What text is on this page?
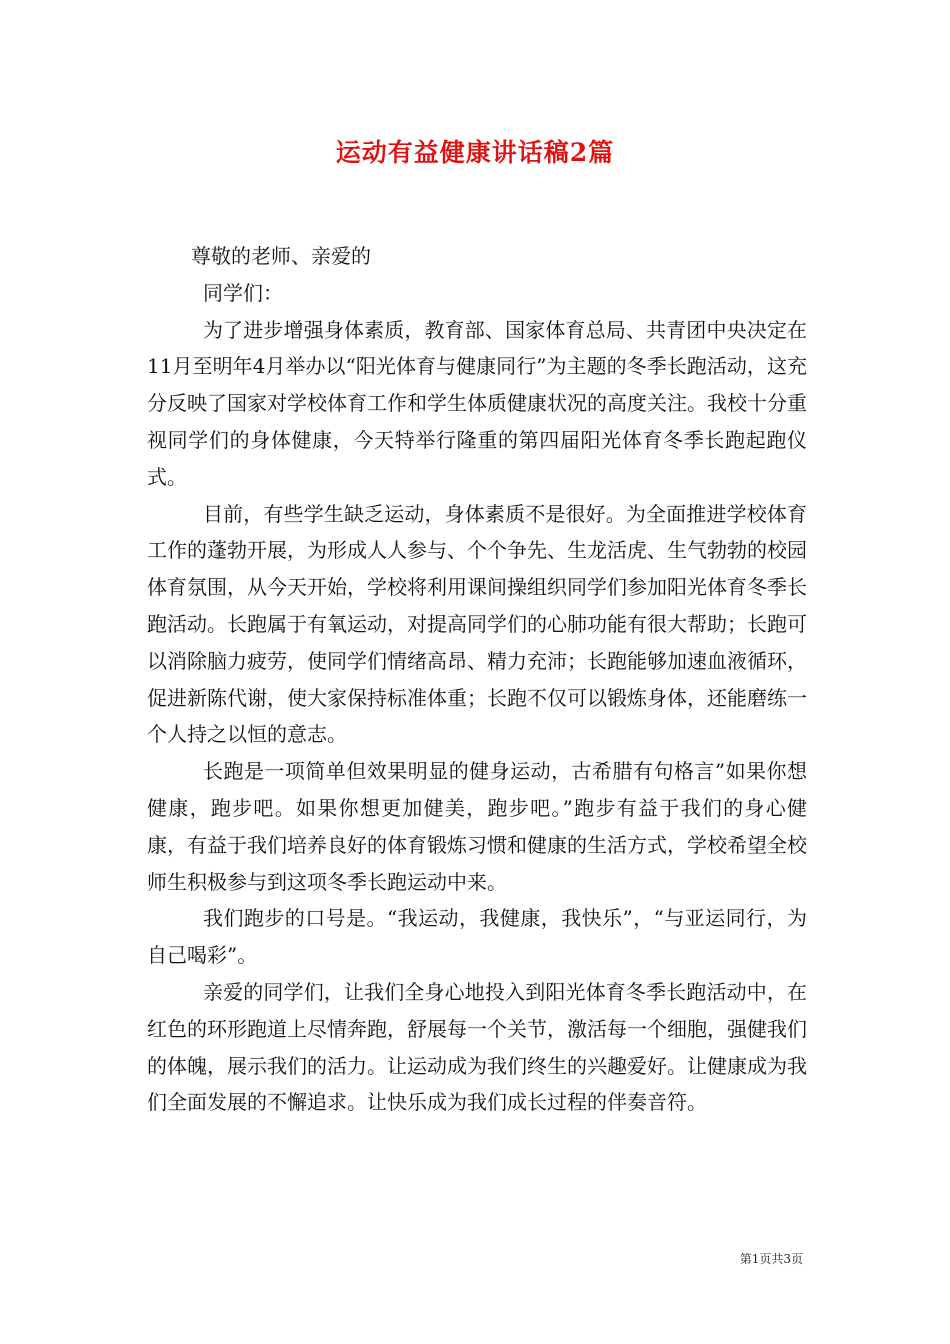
运动有益健康讲话稿2篇

尊敬的老师、亲爱的

同学们：

为了进步增强身体素质，教育部、国家体育总局、共青团中央决定在11月至明年4月举办以“阳光体育与健康同行”为主题的冬季长跑活动，这充分反映了国家对学校体育工作和学生体质健康状况的高度关注。我校十分重视同学们的身体健康，今天特举行隆重的第四届阳光体育冬季长跑起跑仪式。

目前，有些学生缺乏运动，身体素质不是很好。为全面推进学校体育工作的蓬勃开展，为形成人人参与、个个争先、生龙活虎、生气勃勃的校园体育氛围，从今天开始，学校将利用课间操组织同学们参加阳光体育冬季长跑活动。长跑属于有氧运动，对提高同学们的心肺功能有很大帮助；长跑可以消除脑力疲劳，使同学们情绪高昂、精力充沛；长跑能够加速血液循环，促进新陈代谢，使大家保持标准体重；长跑不仅可以锻炼身体，还能磨练一个人持之以恒的意志。

长跑是一项简单但效果明显的健身运动，古希腊有句格言”如果你想健康，跑步吧。如果你想更加健美，跑步吧。”跑步有益于我们的身心健康，有益于我们培养良好的体育锻炼习惯和健康的生活方式，学校希望全校师生积极参与到这项冬季长跑运动中来。

我们跑步的口号是。“我运动，我健康，我快乐”，“与亚运同行，为自己喝彩”。

亲爱的同学们，让我们全身心地投入到阳光体育冬季长跑活动中，在红色的环形跑道上尽情奔跑，舒展每一个关节，激活每一个细胞，强健我们的体魄，展示我们的活力。让运动成为我们终生的兴趣爱好。让健康成为我们全面发展的不懈追求。让快乐成为我们成长过程的伴奏音符。

第1页共3页
